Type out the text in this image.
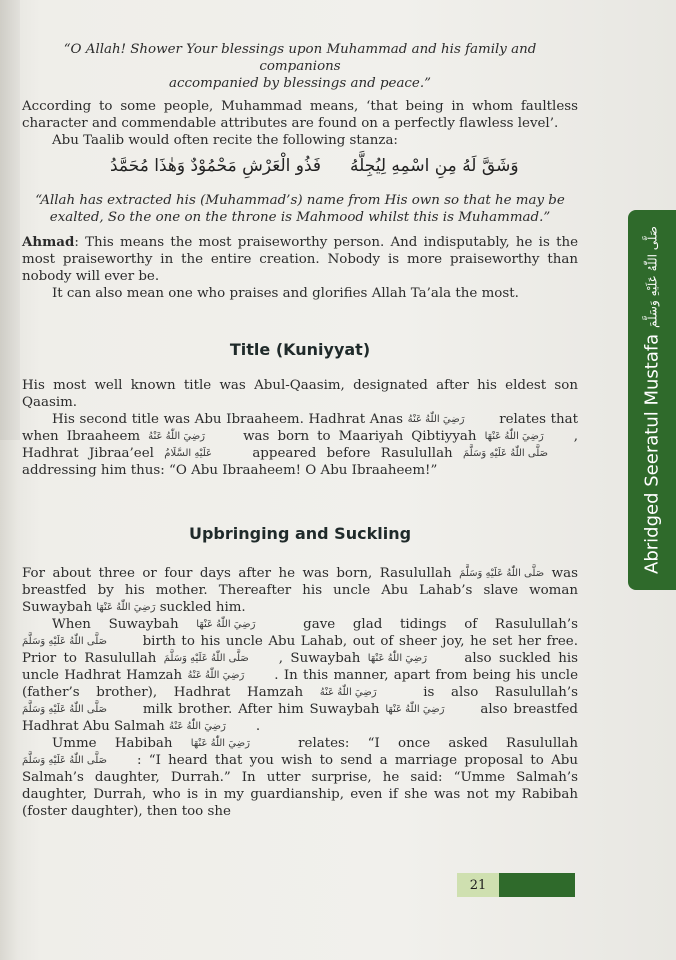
“O Allah! Shower Your blessings upon Muhammad and his family and companions

accompanied by blessings and peace.”

According to some people, Muhammad means, ‘that being in whom faultless character and commendable attributes are found on a perfectly flawless level’.

Abu Taalib would often recite the following stanza:

فَذُو الْعَرْشِ مَحْمُوْدٌ وَهٰذَا مُحَمَّدُ وَشَقَّ لَهُ مِنِ اسْمِهِ لِيُجِلَّهُ

“Allah has extracted his (Muhammad’s) name from His own so that he may be exalted, So the one on the throne is Mahmood whilst this is Muhammad.”

Ahmad: This means the most praiseworthy person. And indisputably, he is the most praiseworthy in the entire creation. Nobody is more praiseworthy than nobody will ever be.

It can also mean one who praises and glorifies Allah Ta’ala the most.

Title (Kuniyyat)

His most well known title was Abul-Qaasim, designated after his eldest son Qaasim.

His second title was Abu Ibraaheem. Hadhrat Anas رَضِيَ اللّٰهُ عَنْهُ	relates that when Ibraaheem رَضِيَ اللّٰهُ عَنْهُ	was born to Maariyah Qibtiyyah رَضِيَ اللّٰهُ عَنْهَا , Hadhrat Jibraa’eel عَلَيْهِ السَّلَامُ	appeared before Rasulullah صَلَّى اللّٰهُ عَلَيْهِ وَسَلَّمَ addressing him thus: “O Abu Ibraaheem! O Abu Ibraaheem!”

Upbringing and Suckling

For about three or four days after he was born, Rasulullah صَلَّى اللّٰهُ عَلَيْهِ وَسَلَّمَ was breastfed by his mother. Thereafter his uncle Abu Lahab’s slave woman Suwaybah رَضِيَ اللّٰهُ عَنْهَا suckled him.

When Suwaybah رَضِيَ اللّٰهُ عَنْهَا	gave glad tidings of Rasulullah’s صَلَّى اللّٰهُ عَلَيْهِ وَسَلَّمَ	birth to his uncle Abu Lahab, out of sheer joy, he set her free. Prior to Rasulullah صَلَّى اللّٰهُ عَلَيْهِ وَسَلَّمَ , Suwaybah رَضِيَ اللّٰهُ عَنْهَا	also suckled his uncle Hadhrat Hamzah رَضِيَ اللّٰهُ عَنْهُ . In this manner, apart from being his uncle (father’s brother), Hadhrat Hamzah رَضِيَ اللّٰهُ عَنْهُ	is also Rasulullah’s صَلَّى اللّٰهُ عَلَيْهِ وَسَلَّمَ	milk brother. After him Suwaybah رَضِيَ اللّٰهُ عَنْهَا	also breastfed Hadhrat Abu Salmah رَضِيَ اللّٰهُ عَنْهُ .

Umme Habibah رَضِيَ اللّٰهُ عَنْهَا	relates: “I once asked Rasulullah صَلَّى اللّٰهُ عَلَيْهِ وَسَلَّمَ : “I heard that you wish to send a marriage proposal to Abu Salmah’s daughter, Durrah.” In utter surprise, he said: “Umme Salmah’s daughter, Durrah, who is in my guardianship, even if she was not my Rabibah (foster daughter), then too she

Abridged Seeratul Mustafa صَلَّى اللّٰهُ عَلَيْهِ وَسَلَّمَ
21
